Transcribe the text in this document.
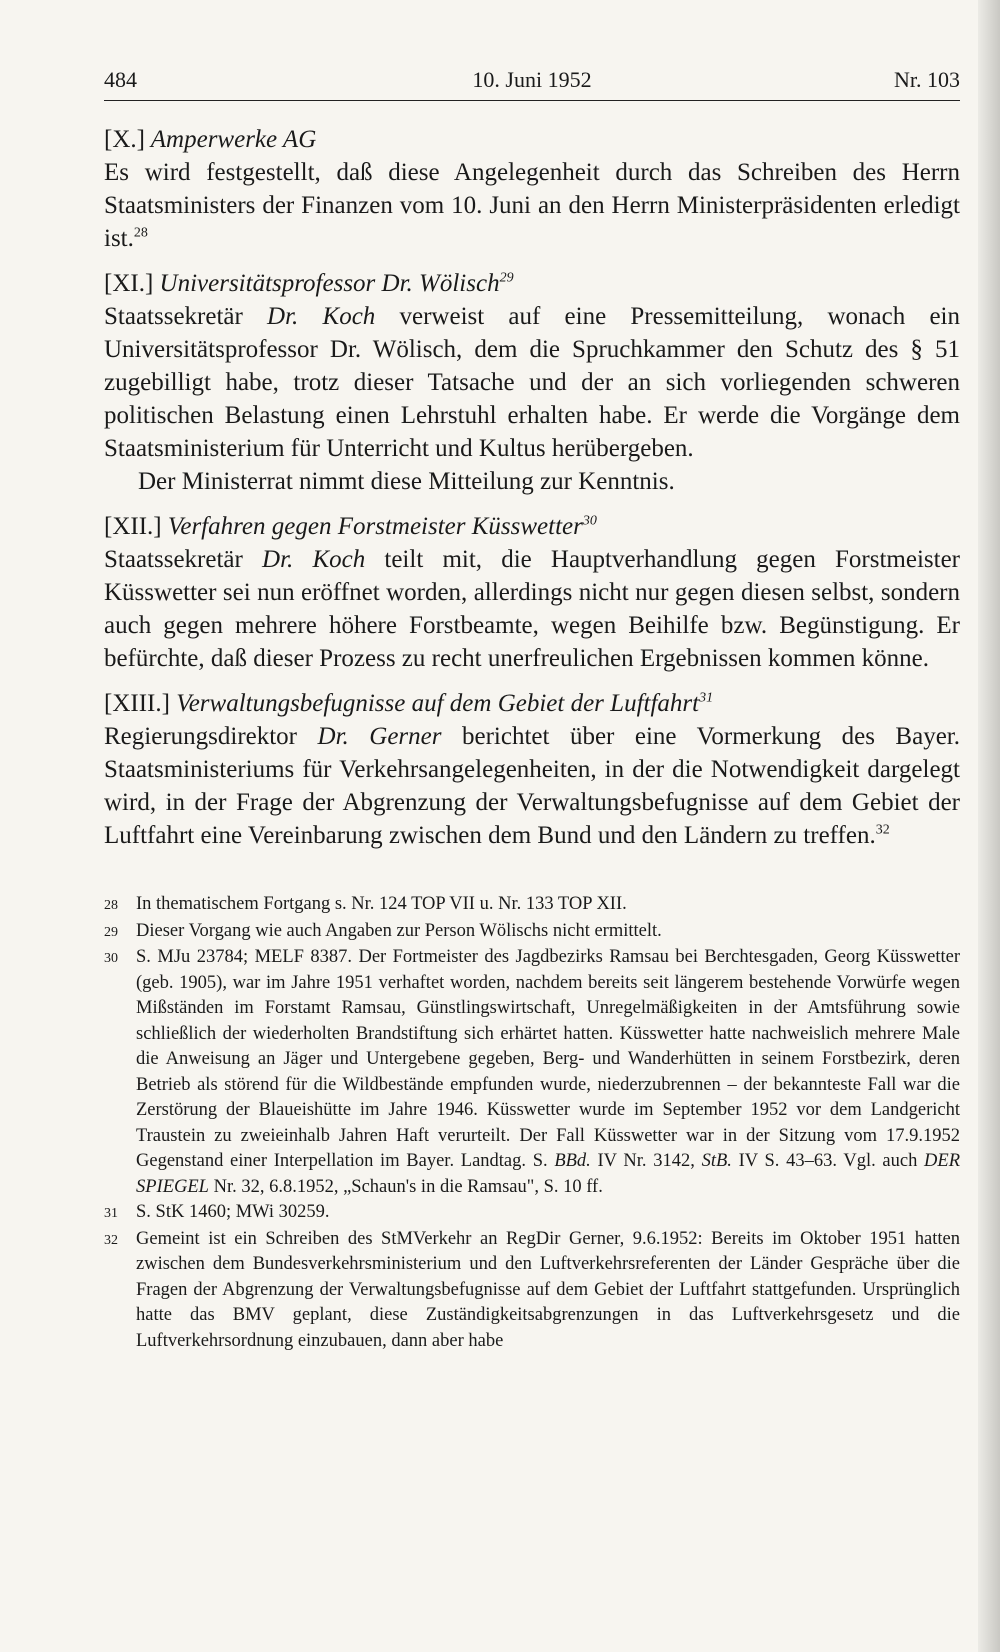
484	10. Juni 1952	Nr. 103
[X.] Amperwerke AG
Es wird festgestellt, daß diese Angelegenheit durch das Schreiben des Herrn Staatsministers der Finanzen vom 10. Juni an den Herrn Ministerpräsidenten erledigt ist.$^{28}$
[XI.] Universitätsprofessor Dr. Wölisch$^{29}$
Staatssekretär Dr. Koch verweist auf eine Pressemitteilung, wonach ein Universitätsprofessor Dr. Wölisch, dem die Spruchkammer den Schutz des § 51 zugebilligt habe, trotz dieser Tatsache und der an sich vorliegenden schweren politischen Belastung einen Lehrstuhl erhalten habe. Er werde die Vorgänge dem Staatsministerium für Unterricht und Kultus herübergeben.
Der Ministerrat nimmt diese Mitteilung zur Kenntnis.
[XII.] Verfahren gegen Forstmeister Küsswetter$^{30}$
Staatssekretär Dr. Koch teilt mit, die Hauptverhandlung gegen Forstmeister Küsswetter sei nun eröffnet worden, allerdings nicht nur gegen diesen selbst, sondern auch gegen mehrere höhere Forstbeamte, wegen Beihilfe bzw. Begünstigung. Er befürchte, daß dieser Prozess zu recht unerfreulichen Ergebnissen kommen könne.
[XIII.] Verwaltungsbefugnisse auf dem Gebiet der Luftfahrt$^{31}$
Regierungsdirektor Dr. Gerner berichtet über eine Vormerkung des Bayer. Staatsministeriums für Verkehrsangelegenheiten, in der die Notwendigkeit dargelegt wird, in der Frage der Abgrenzung der Verwaltungsbefugnisse auf dem Gebiet der Luftfahrt eine Vereinbarung zwischen dem Bund und den Ländern zu treffen.$^{32}$
28 In thematischem Fortgang s. Nr. 124 TOP VII u. Nr. 133 TOP XII.
29 Dieser Vorgang wie auch Angaben zur Person Wölischs nicht ermittelt.
30 S. MJu 23784; MELF 8387. Der Fortmeister des Jagdbezirks Ramsau bei Berchtesgaden, Georg Küsswetter (geb. 1905), war im Jahre 1951 verhaftet worden, nachdem bereits seit längerem bestehende Vorwürfe wegen Mißständen im Forstamt Ramsau, Günstlingswirtschaft, Unregelmäßigkeiten in der Amtsführung sowie schließlich der wiederholten Brandstiftung sich erhärtet hatten. Küsswetter hatte nachweislich mehrere Male die Anweisung an Jäger und Untergebene gegeben, Berg- und Wanderhütten in seinem Forstbezirk, deren Betrieb als störend für die Wildbestände empfunden wurde, niederzubrennen – der bekannteste Fall war die Zerstörung der Blaueishütte im Jahre 1946. Küsswetter wurde im September 1952 vor dem Landgericht Traustein zu zweieinhalb Jahren Haft verurteilt. Der Fall Küsswetter war in der Sitzung vom 17.9.1952 Gegenstand einer Interpellation im Bayer. Landtag. S. BBd. IV Nr. 3142, StB. IV S. 43–63. Vgl. auch DER SPIEGEL Nr. 32, 6.8.1952, „Schaun's in die Ramsau", S. 10 ff.
31 S. StK 1460; MWi 30259.
32 Gemeint ist ein Schreiben des StMVerkehr an RegDir Gerner, 9.6.1952: Bereits im Oktober 1951 hatten zwischen dem Bundesverkehrsministerium und den Luftverkehrsreferenten der Länder Gespräche über die Fragen der Abgrenzung der Verwaltungsbefugnisse auf dem Gebiet der Luftfahrt stattgefunden. Ursprünglich hatte das BMV geplant, diese Zuständigkeitsabgrenzungen in das Luftverkehrsgesetz und die Luftverkehrsordnung einzubauen, dann aber habe
